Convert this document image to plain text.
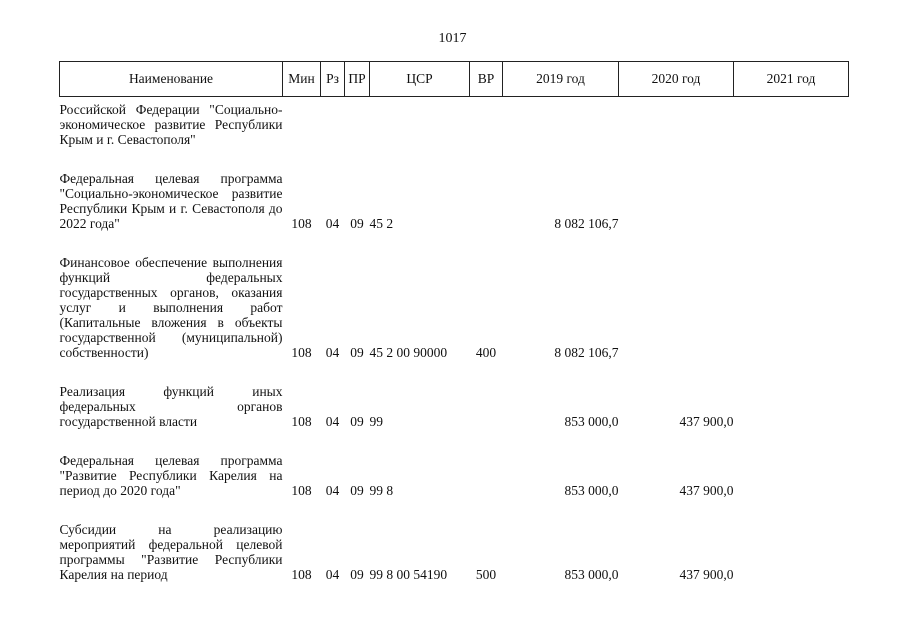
1017
Наименование	Мин	Рз	ПР	ЦСР	ВР	2019 год	2020 год	2021 год
Российской Федерации "Социально-экономическое развитие Республики Крым и г. Севастополя"								

Федеральная целевая программа "Социально-экономическое развитие Республики Крым и г. Севастополя до 2022 года"	108	04	09	45 2		8 082 106,7		

Финансовое обеспечение выполнения функций федеральных государственных органов, оказания услуг и выполнения работ (Капитальные вложения в объекты государственной (муниципальной) собственности)	108	04	09	45 2 00 90000	400	8 082 106,7		

Реализация функций иных федеральных органов государственной власти	108	04	09	99		853 000,0	437 900,0	

Федеральная целевая программа "Развитие Республики Карелия на период до 2020 года"	108	04	09	99 8		853 000,0	437 900,0	

Субсидии на реализацию мероприятий федеральной целевой программы "Развитие Республики Карелия на период	108	04	09	99 8 00 54190	500	853 000,0	437 900,0	
